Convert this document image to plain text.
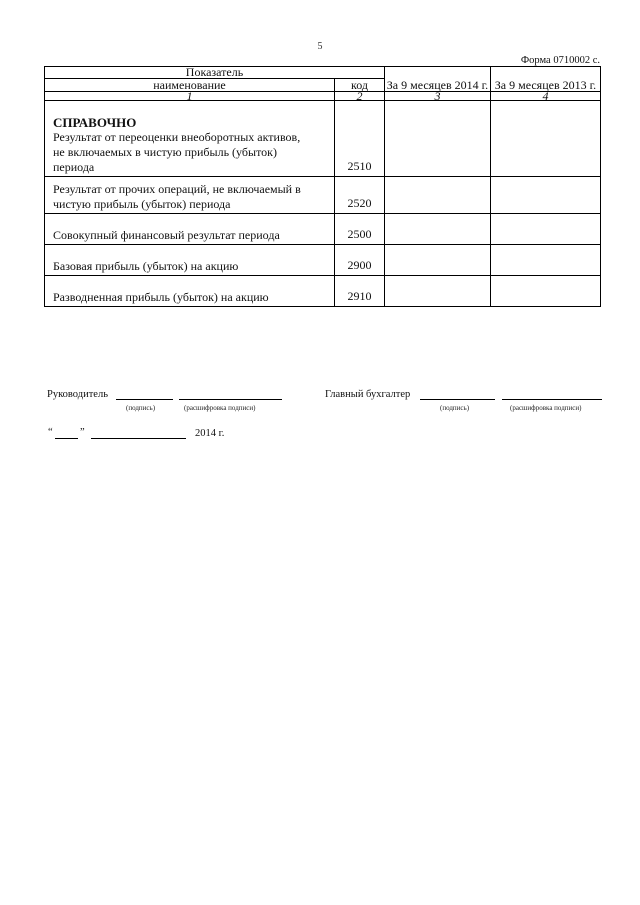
5
Форма 0710002 с.
Показатель		За 9 месяцев 2014 г.	За 9 месяцев 2013 г.
наименование	код		
1	2	3	4

СПРАВОЧНО
Результат от переоценки внеоборотных активов,
не включаемых в чистую прибыль (убыток)
периода	2510		

Результат от прочих операций, не включаемый в
чистую прибыль (убыток) периода	2520		
Совокупный финансовый результат периода	2500		
Базовая прибыль (убыток) на акцию	2900		
Разводненная прибыль (убыток) на акцию	2910		
Руководитель
(подпись)	(расшифровка подписи)
Главный бухгалтер
(подпись)	(расшифровка подписи)
“	”	2014 г.
